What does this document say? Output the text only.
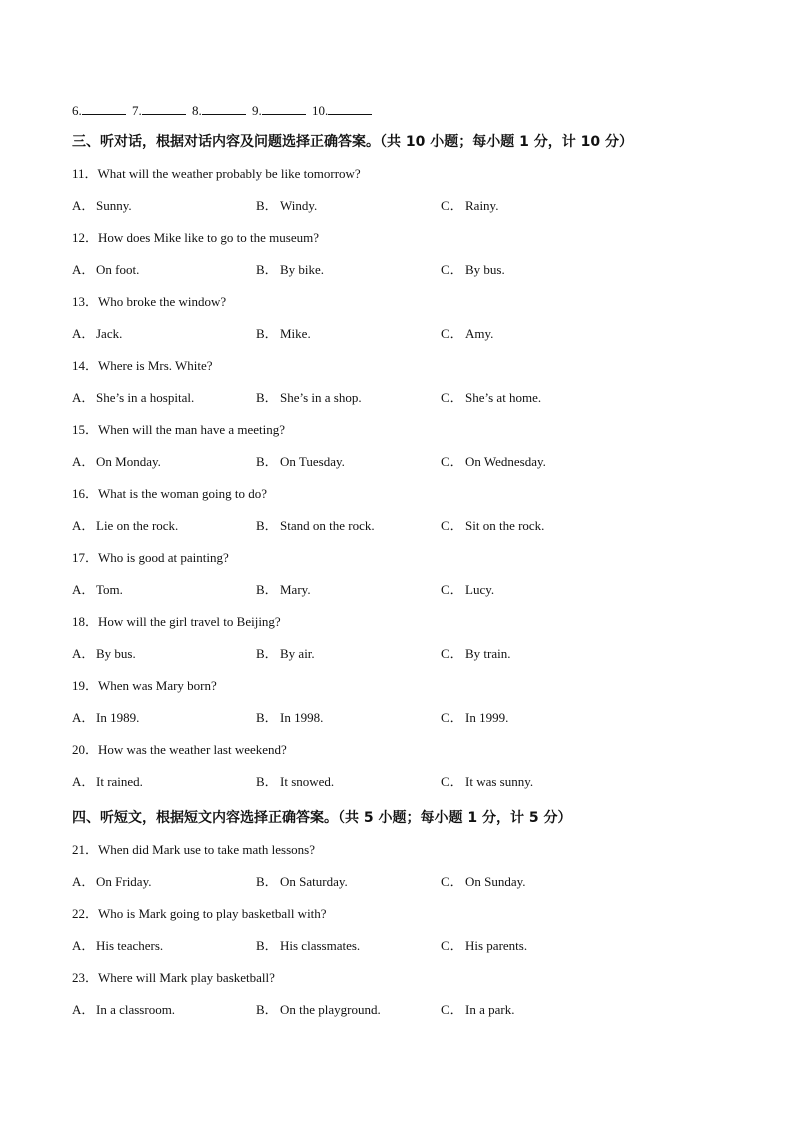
6.	7.	8.	9.	10.
三、听对话，根据对话内容及问题选择正确答案。（共 10 小题；每小题 1 分，计 10 分）
11．What will the weather probably be like tomorrow?
A． Sunny.	B． Windy.	C． Rainy.
12．How does Mike like to go to the museum?
A． On foot.	B． By bike.	C． By bus.
13．Who broke the window?
A． Jack.	B． Mike.	C． Amy.
14．Where is Mrs. White?
A． She’s in a hospital.	B． She’s in a shop.	C． She’s at home.
15．When will the man have a meeting?
A． On Monday.	B． On Tuesday.	C． On Wednesday.
16．What is the woman going to do?
A． Lie on the rock.	B． Stand on the rock.	C． Sit on the rock.
17．Who is good at painting?
A． Tom.	B． Mary.	C． Lucy.
18．How will the girl travel to Beijing?
A． By bus.	B． By air.	C． By train.
19．When was Mary born?
A． In 1989.	B． In 1998.	C． In 1999.
20．How was the weather last weekend?
A． It rained.	B． It snowed.	C． It was sunny.
四、听短文，根据短文内容选择正确答案。（共 5 小题；每小题 1 分，计 5 分）
21．When did Mark use to take math lessons?
A． On Friday.	B． On Saturday.	C． On Sunday.
22．Who is Mark going to play basketball with?
A． His teachers.	B． His classmates.	C． His parents.
23．Where will Mark play basketball?
A． In a classroom.	B． On the playground.	C． In a park.
